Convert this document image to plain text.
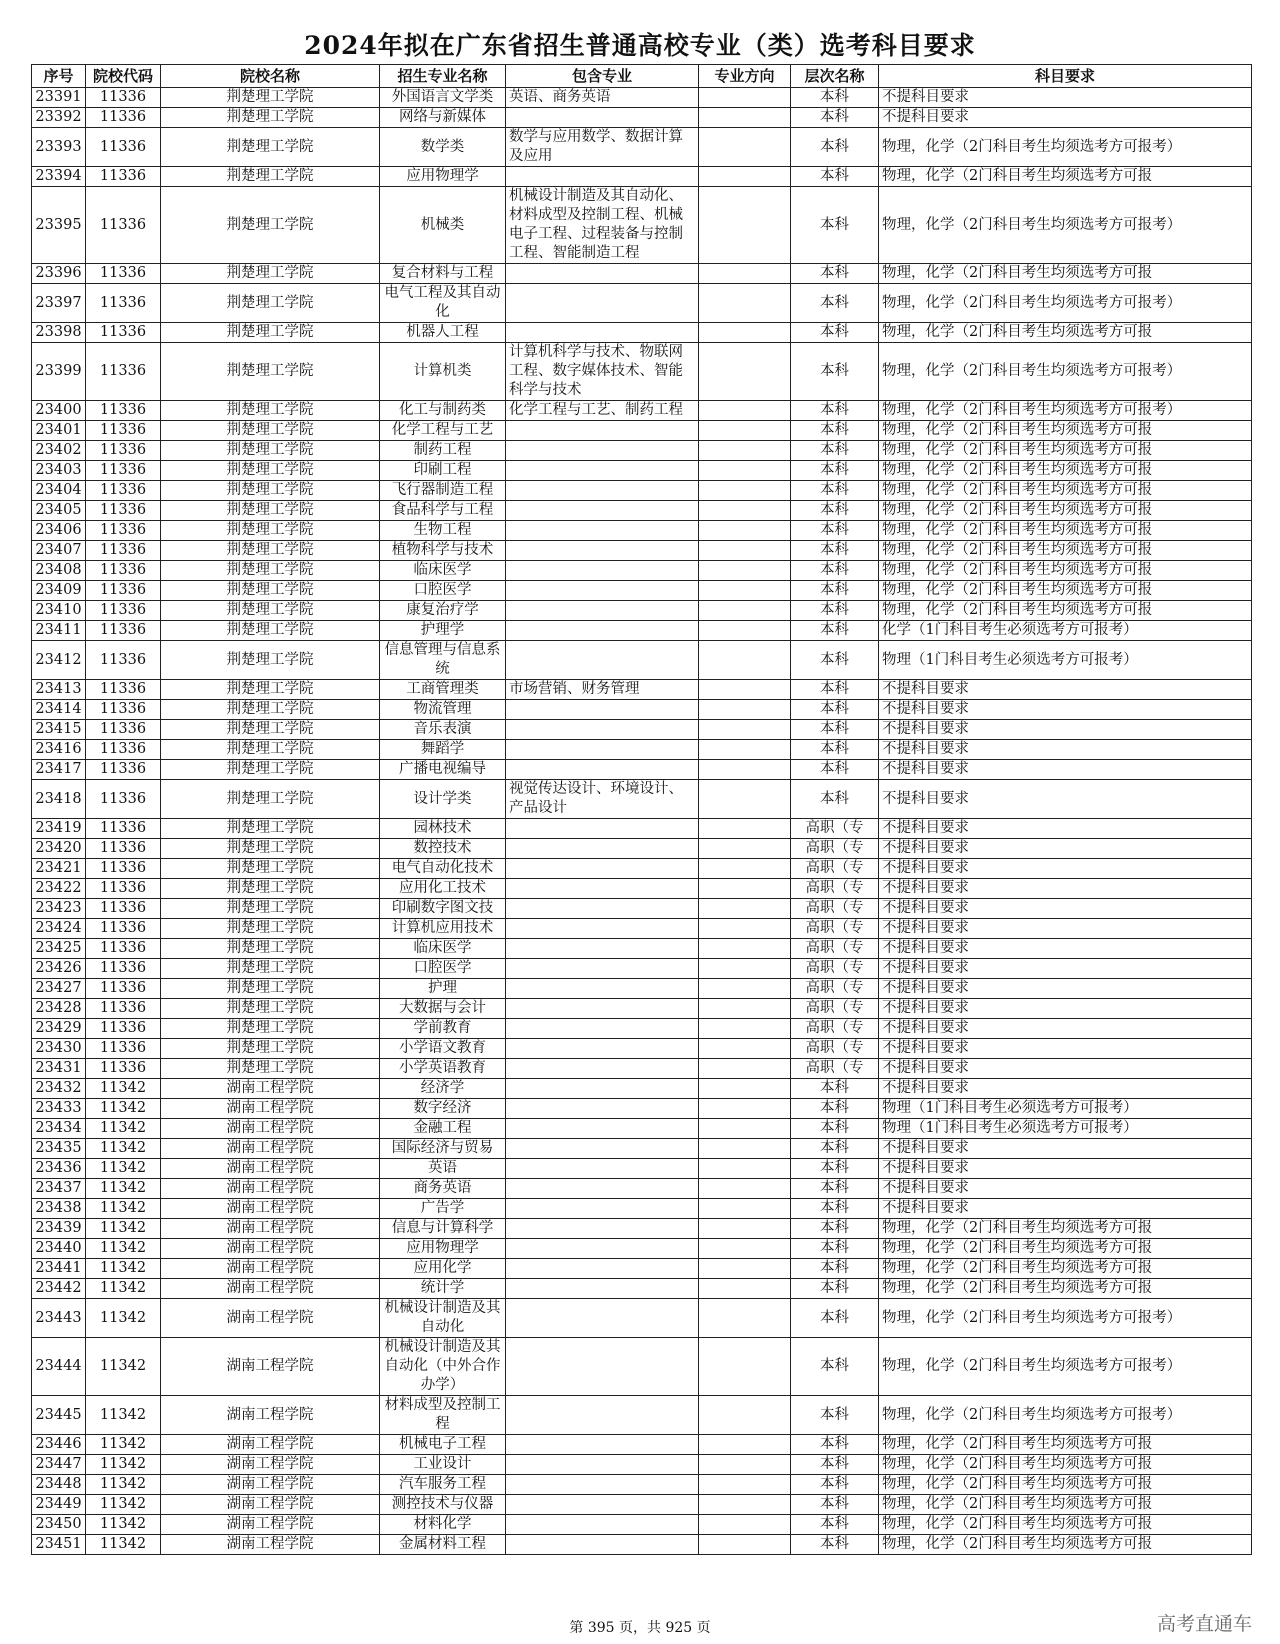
2024年拟在广东省招生普通高校专业（类）选考科目要求
序号	院校代码	院校名称	招生专业名称	包含专业	专业方向	层次名称	科目要求
23391	11336	荆楚理工学院	外国语言文学类	英语、商务英语		本科	不提科目要求
23392	11336	荆楚理工学院	网络与新媒体			本科	不提科目要求
23393	11336	荆楚理工学院	数学类	数学与应用数学、数据计算及应用		本科	物理，化学（2门科目考生均须选考方可报考）
23394	11336	荆楚理工学院	应用物理学			本科	物理，化学（2门科目考生均须选考方可报
23395	11336	荆楚理工学院	机械类	机械设计制造及其自动化、材料成型及控制工程、机械电子工程、过程装备与控制工程、智能制造工程		本科	物理，化学（2门科目考生均须选考方可报考）
23396	11336	荆楚理工学院	复合材料与工程			本科	物理，化学（2门科目考生均须选考方可报
23397	11336	荆楚理工学院	电气工程及其自动化			本科	物理，化学（2门科目考生均须选考方可报考）
23398	11336	荆楚理工学院	机器人工程			本科	物理，化学（2门科目考生均须选考方可报
23399	11336	荆楚理工学院	计算机类	计算机科学与技术、物联网工程、数字媒体技术、智能科学与技术		本科	物理，化学（2门科目考生均须选考方可报考）
23400	11336	荆楚理工学院	化工与制药类	化学工程与工艺、制药工程		本科	物理，化学（2门科目考生均须选考方可报考）
23401	11336	荆楚理工学院	化学工程与工艺			本科	物理，化学（2门科目考生均须选考方可报
23402	11336	荆楚理工学院	制药工程			本科	物理，化学（2门科目考生均须选考方可报
23403	11336	荆楚理工学院	印刷工程			本科	物理，化学（2门科目考生均须选考方可报
23404	11336	荆楚理工学院	飞行器制造工程			本科	物理，化学（2门科目考生均须选考方可报
23405	11336	荆楚理工学院	食品科学与工程			本科	物理，化学（2门科目考生均须选考方可报
23406	11336	荆楚理工学院	生物工程			本科	物理，化学（2门科目考生均须选考方可报
23407	11336	荆楚理工学院	植物科学与技术			本科	物理，化学（2门科目考生均须选考方可报
23408	11336	荆楚理工学院	临床医学			本科	物理，化学（2门科目考生均须选考方可报
23409	11336	荆楚理工学院	口腔医学			本科	物理，化学（2门科目考生均须选考方可报
23410	11336	荆楚理工学院	康复治疗学			本科	物理，化学（2门科目考生均须选考方可报
23411	11336	荆楚理工学院	护理学			本科	化学（1门科目考生必须选考方可报考）
23412	11336	荆楚理工学院	信息管理与信息系统			本科	物理（1门科目考生必须选考方可报考）
23413	11336	荆楚理工学院	工商管理类	市场营销、财务管理		本科	不提科目要求
23414	11336	荆楚理工学院	物流管理			本科	不提科目要求
23415	11336	荆楚理工学院	音乐表演			本科	不提科目要求
23416	11336	荆楚理工学院	舞蹈学			本科	不提科目要求
23417	11336	荆楚理工学院	广播电视编导			本科	不提科目要求
23418	11336	荆楚理工学院	设计学类	视觉传达设计、环境设计、产品设计		本科	不提科目要求
23419	11336	荆楚理工学院	园林技术			高职（专	不提科目要求
23420	11336	荆楚理工学院	数控技术			高职（专	不提科目要求
23421	11336	荆楚理工学院	电气自动化技术			高职（专	不提科目要求
23422	11336	荆楚理工学院	应用化工技术			高职（专	不提科目要求
23423	11336	荆楚理工学院	印刷数字图文技			高职（专	不提科目要求
23424	11336	荆楚理工学院	计算机应用技术			高职（专	不提科目要求
23425	11336	荆楚理工学院	临床医学			高职（专	不提科目要求
23426	11336	荆楚理工学院	口腔医学			高职（专	不提科目要求
23427	11336	荆楚理工学院	护理			高职（专	不提科目要求
23428	11336	荆楚理工学院	大数据与会计			高职（专	不提科目要求
23429	11336	荆楚理工学院	学前教育			高职（专	不提科目要求
23430	11336	荆楚理工学院	小学语文教育			高职（专	不提科目要求
23431	11336	荆楚理工学院	小学英语教育			高职（专	不提科目要求
23432	11342	湖南工程学院	经济学			本科	不提科目要求
23433	11342	湖南工程学院	数字经济			本科	物理（1门科目考生必须选考方可报考）
23434	11342	湖南工程学院	金融工程			本科	物理（1门科目考生必须选考方可报考）
23435	11342	湖南工程学院	国际经济与贸易			本科	不提科目要求
23436	11342	湖南工程学院	英语			本科	不提科目要求
23437	11342	湖南工程学院	商务英语			本科	不提科目要求
23438	11342	湖南工程学院	广告学			本科	不提科目要求
23439	11342	湖南工程学院	信息与计算科学			本科	物理，化学（2门科目考生均须选考方可报
23440	11342	湖南工程学院	应用物理学			本科	物理，化学（2门科目考生均须选考方可报
23441	11342	湖南工程学院	应用化学			本科	物理，化学（2门科目考生均须选考方可报
23442	11342	湖南工程学院	统计学			本科	物理，化学（2门科目考生均须选考方可报
23443	11342	湖南工程学院	机械设计制造及其自动化			本科	物理，化学（2门科目考生均须选考方可报考）
23444	11342	湖南工程学院	机械设计制造及其自动化（中外合作办学）			本科	物理，化学（2门科目考生均须选考方可报考）
23445	11342	湖南工程学院	材料成型及控制工程			本科	物理，化学（2门科目考生均须选考方可报考）
23446	11342	湖南工程学院	机械电子工程			本科	物理，化学（2门科目考生均须选考方可报
23447	11342	湖南工程学院	工业设计			本科	物理，化学（2门科目考生均须选考方可报
23448	11342	湖南工程学院	汽车服务工程			本科	物理，化学（2门科目考生均须选考方可报
23449	11342	湖南工程学院	测控技术与仪器			本科	物理，化学（2门科目考生均须选考方可报
23450	11342	湖南工程学院	材料化学			本科	物理，化学（2门科目考生均须选考方可报
23451	11342	湖南工程学院	金属材料工程			本科	物理，化学（2门科目考生均须选考方可报
第 395 页，共 925 页	高考直通车
